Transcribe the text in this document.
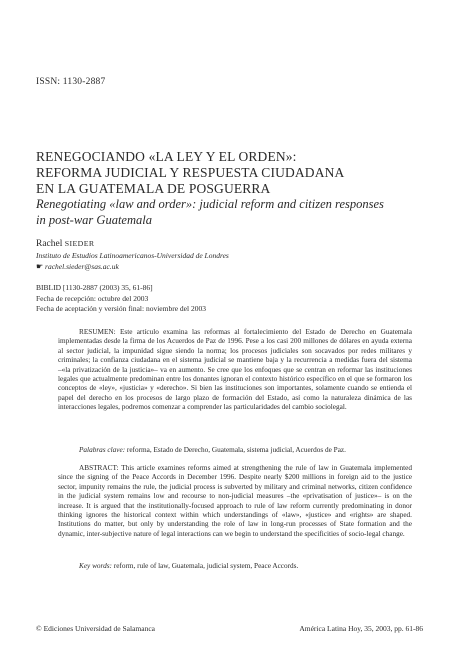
ISSN: 1130-2887
RENEGOCIANDO «LA LEY Y EL ORDEN»:
REFORMA JUDICIAL Y RESPUESTA CIUDADANA
EN LA GUATEMALA DE POSGUERRA
Renegotiating «law and order»: judicial reform and citizen responses
in post-war Guatemala
Rachel SIEDER
Instituto de Estudios Latinoamericanos-Universidad de Londres
☛ rachel.sieder@sas.ac.uk
BIBLID [1130-2887 (2003) 35, 61-86]
Fecha de recepción: octubre del 2003
Fecha de aceptación y versión final: noviembre del 2003

RESUMEN: Este artículo examina las reformas al fortalecimiento del Estado de Derecho en Guatemala implementadas desde la firma de los Acuerdos de Paz de 1996. Pese a los casi 200 millones de dólares en ayuda externa al sector judicial, la impunidad sigue siendo la norma; los procesos judiciales son socavados por redes militares y criminales; la confianza ciudadana en el sistema judicial se mantiene baja y la recurrencia a medidas fuera del sistema –«la privatización de la justicia»– va en aumento. Se cree que los enfoques que se centran en reformar las instituciones legales que actualmente predominan entre los donantes ignoran el contexto histórico específico en el que se formaron los conceptos de «ley», «justicia» y «derecho». Si bien las instituciones son importantes, solamente cuando se entienda el papel del derecho en los procesos de largo plazo de formación del Estado, así como la naturaleza dinámica de las interacciones legales, podremos comenzar a comprender las particularidades del cambio sociolegal.

Palabras clave: reforma, Estado de Derecho, Guatemala, sistema judicial, Acuerdos de Paz.

ABSTRACT: This article examines reforms aimed at strengthening the rule of law in Guatemala implemented since the signing of the Peace Accords in December 1996. Despite nearly $200 millions in foreign aid to the justice sector, impunity remains the rule, the judicial process is subverted by military and criminal networks, citizen confidence in the judicial system remains low and recourse to non-judicial measures –the «privatisation of justice»– is on the increase. It is argued that the institutionally-focused approach to rule of law reform currently predominating in donor thinking ignores the historical context within which understandings of «law», «justice» and «rights» are shaped. Institutions do matter, but only by understanding the role of law in long-run processes of State formation and the dynamic, inter-subjective nature of legal interactions can we begin to understand the specificities of socio-legal change.

Key words: reform, rule of law, Guatemala, judicial system, Peace Accords.

© Ediciones Universidad de Salamanca	América Latina Hoy, 35, 2003, pp. 61-86
